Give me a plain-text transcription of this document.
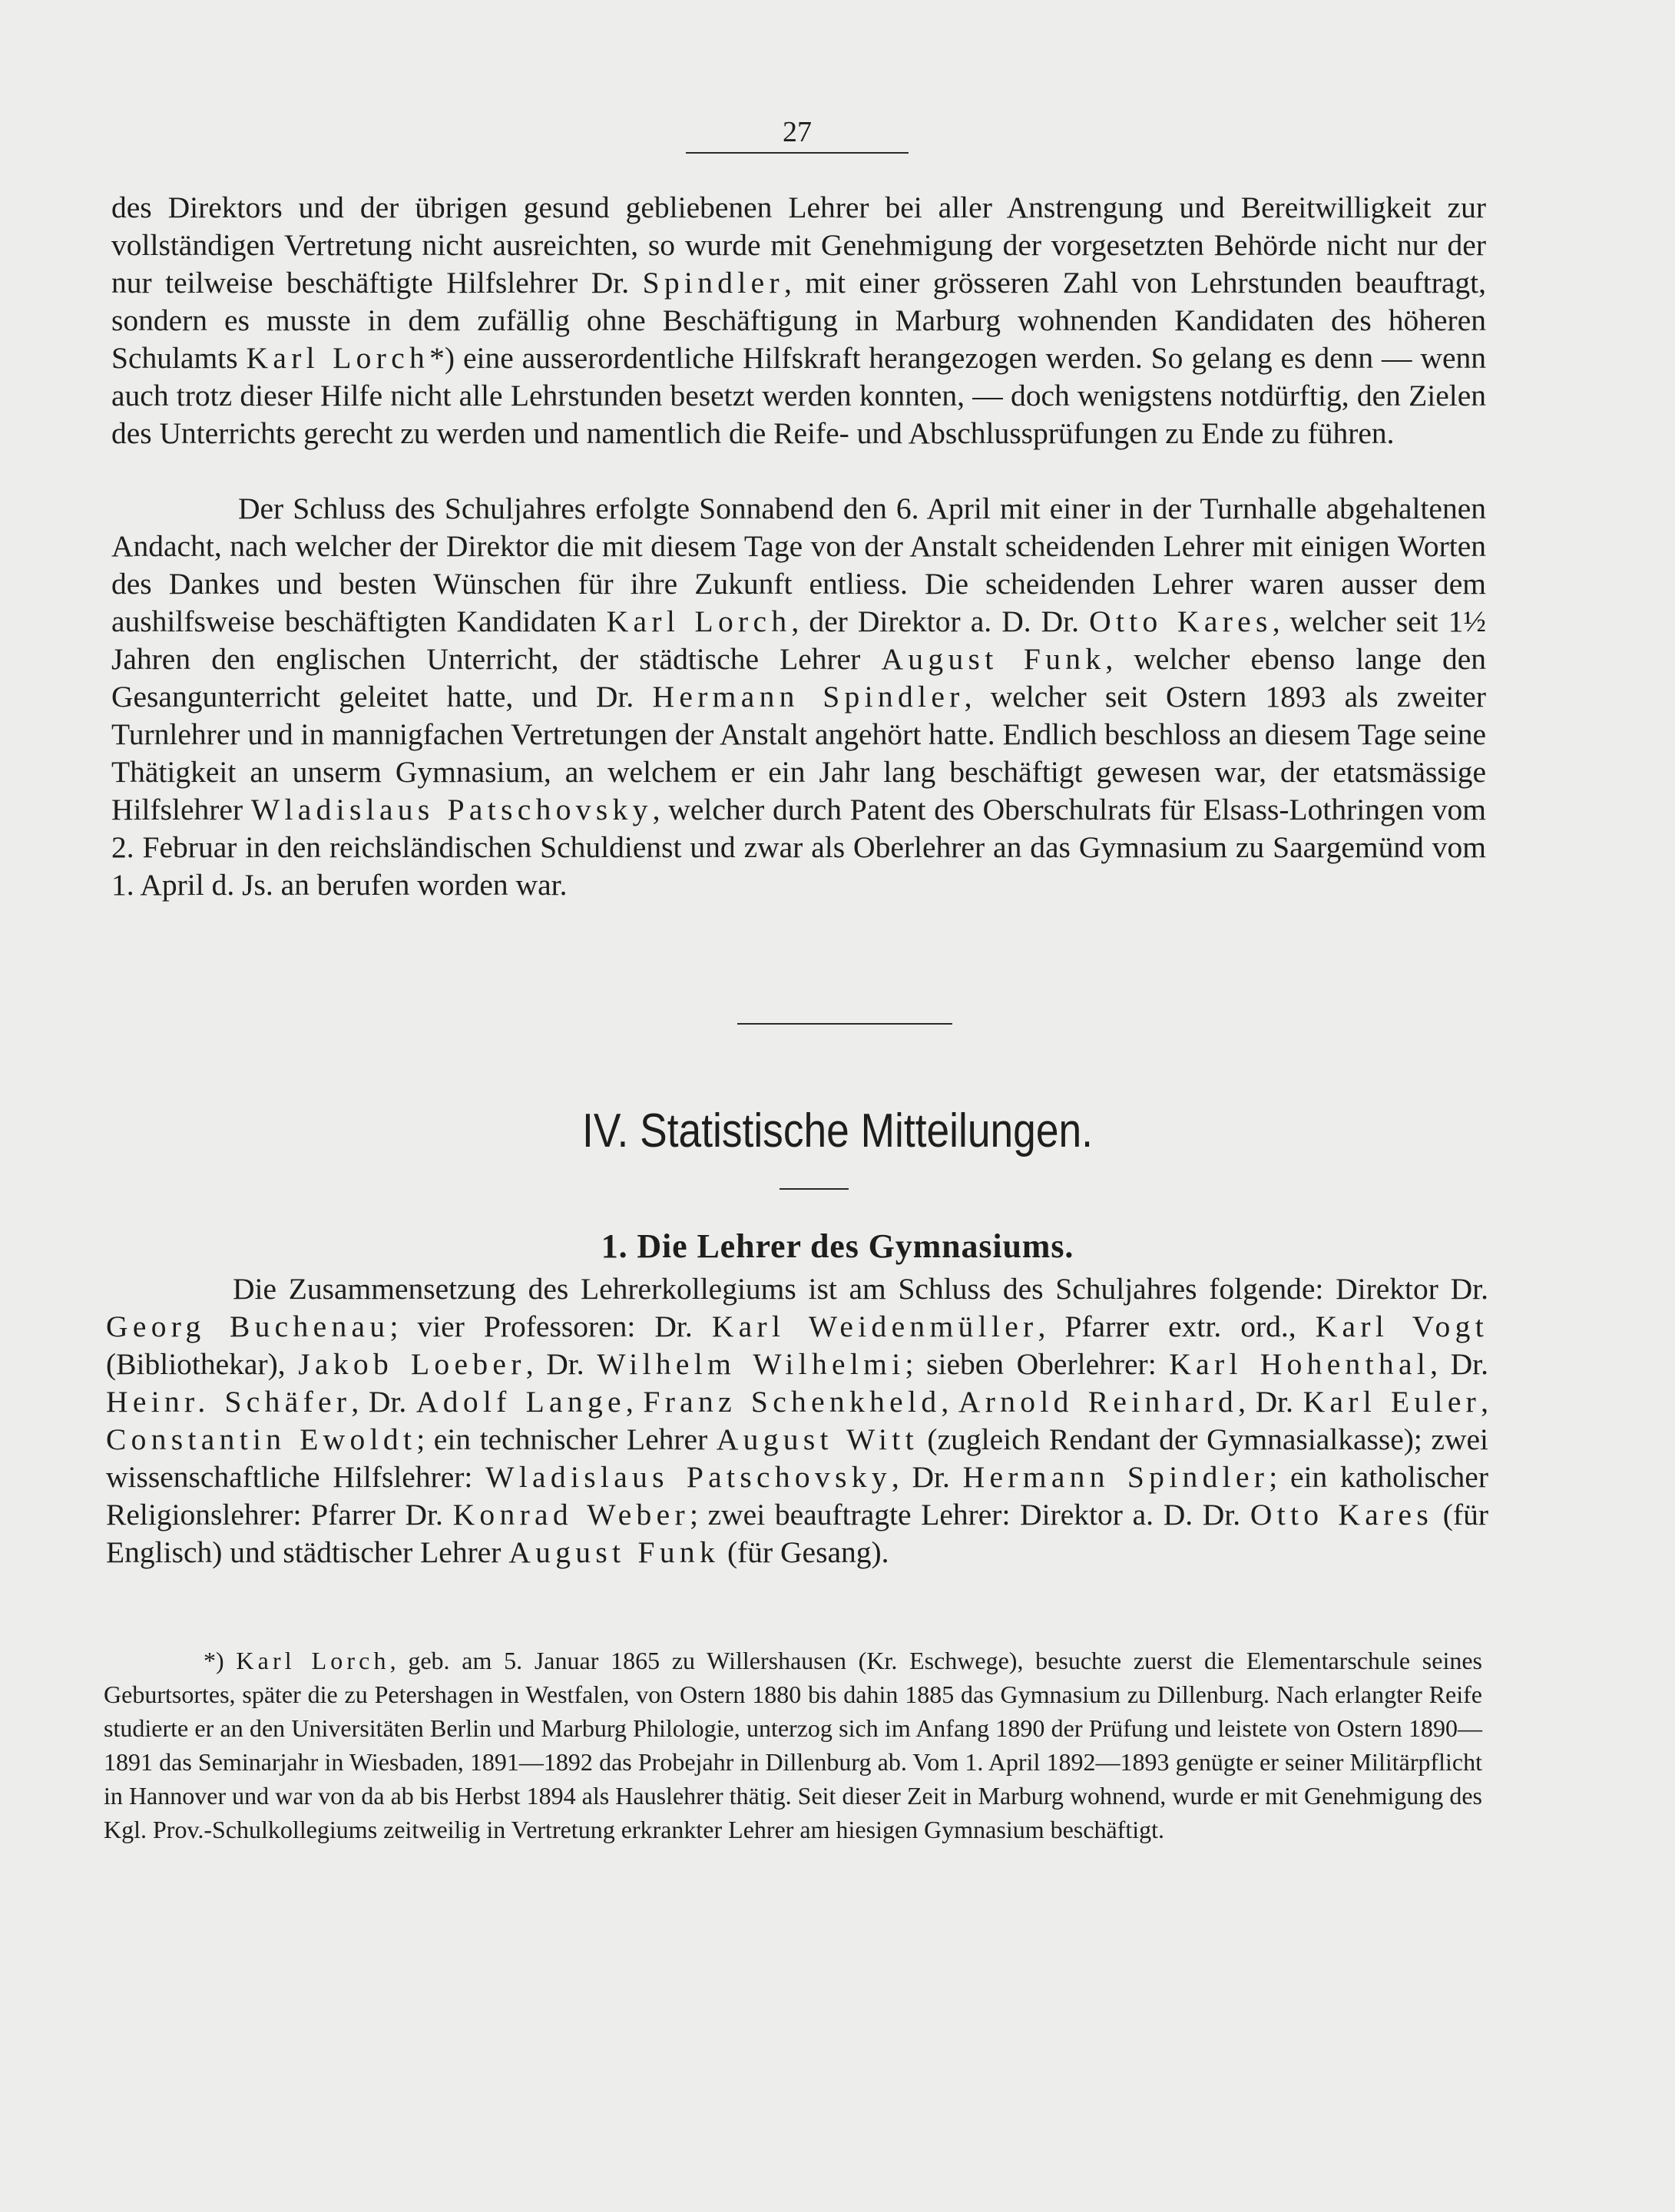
27

des Direktors und der übrigen gesund gebliebenen Lehrer bei aller Anstrengung und Bereitwilligkeit zur vollständigen Vertretung nicht ausreichten, so wurde mit Genehmigung der vorgesetzten Behörde nicht nur der nur teilweise beschäftigte Hilfslehrer Dr. Spindler, mit einer grösseren Zahl von Lehrstunden beauftragt, sondern es musste in dem zufällig ohne Beschäftigung in Marburg wohnenden Kandidaten des höheren Schulamts Karl Lorch*) eine ausserordentliche Hilfskraft herangezogen werden. So gelang es denn — wenn auch trotz dieser Hilfe nicht alle Lehrstunden besetzt werden konnten, — doch wenigstens notdürftig, den Zielen des Unterrichts gerecht zu werden und namentlich die Reife- und Abschlussprüfungen zu Ende zu führen.

Der Schluss des Schuljahres erfolgte Sonnabend den 6. April mit einer in der Turnhalle abgehaltenen Andacht, nach welcher der Direktor die mit diesem Tage von der Anstalt scheidenden Lehrer mit einigen Worten des Dankes und besten Wünschen für ihre Zukunft entliess. Die scheidenden Lehrer waren ausser dem aushilfsweise beschäftigten Kandidaten Karl Lorch, der Direktor a. D. Dr. Otto Kares, welcher seit 1½ Jahren den englischen Unterricht, der städtische Lehrer August Funk, welcher ebenso lange den Gesangunterricht geleitet hatte, und Dr. Hermann Spindler, welcher seit Ostern 1893 als zweiter Turnlehrer und in mannigfachen Vertretungen der Anstalt angehört hatte. Endlich beschloss an diesem Tage seine Thätigkeit an unserm Gymnasium, an welchem er ein Jahr lang beschäftigt gewesen war, der etatsmässige Hilfslehrer Wladislaus Patschovsky, welcher durch Patent des Oberschulrats für Elsass-Lothringen vom 2. Februar in den reichsländischen Schuldienst und zwar als Oberlehrer an das Gymnasium zu Saargemünd vom 1. April d. Js. an berufen worden war.

IV. Statistische Mitteilungen.
1. Die Lehrer des Gymnasiums.

Die Zusammensetzung des Lehrerkollegiums ist am Schluss des Schuljahres folgende: Direktor Dr. Georg Buchenau; vier Professoren: Dr. Karl Weidenmüller, Pfarrer extr. ord., Karl Vogt (Bibliothekar), Jakob Loeber, Dr. Wilhelm Wilhelmi; sieben Oberlehrer: Karl Hohenthal, Dr. Heinr. Schäfer, Dr. Adolf Lange, Franz Schenkheld, Arnold Reinhard, Dr. Karl Euler, Constantin Ewoldt; ein technischer Lehrer August Witt (zugleich Rendant der Gymnasialkasse); zwei wissenschaftliche Hilfslehrer: Wladislaus Patschovsky, Dr. Hermann Spindler; ein katholischer Religionslehrer: Pfarrer Dr. Konrad Weber; zwei beauftragte Lehrer: Direktor a. D. Dr. Otto Kares (für Englisch) und städtischer Lehrer August Funk (für Gesang).

*) Karl Lorch, geb. am 5. Januar 1865 zu Willershausen (Kr. Eschwege), besuchte zuerst die Elementarschule seines Geburtsortes, später die zu Petershagen in Westfalen, von Ostern 1880 bis dahin 1885 das Gymnasium zu Dillenburg. Nach erlangter Reife studierte er an den Universitäten Berlin und Marburg Philologie, unterzog sich im Anfang 1890 der Prüfung und leistete von Ostern 1890—1891 das Seminarjahr in Wiesbaden, 1891—1892 das Probejahr in Dillenburg ab. Vom 1. April 1892—1893 genügte er seiner Militärpflicht in Hannover und war von da ab bis Herbst 1894 als Hauslehrer thätig. Seit dieser Zeit in Marburg wohnend, wurde er mit Genehmigung des Kgl. Prov.-Schulkollegiums zeitweilig in Vertretung erkrankter Lehrer am hiesigen Gymnasium beschäftigt.
